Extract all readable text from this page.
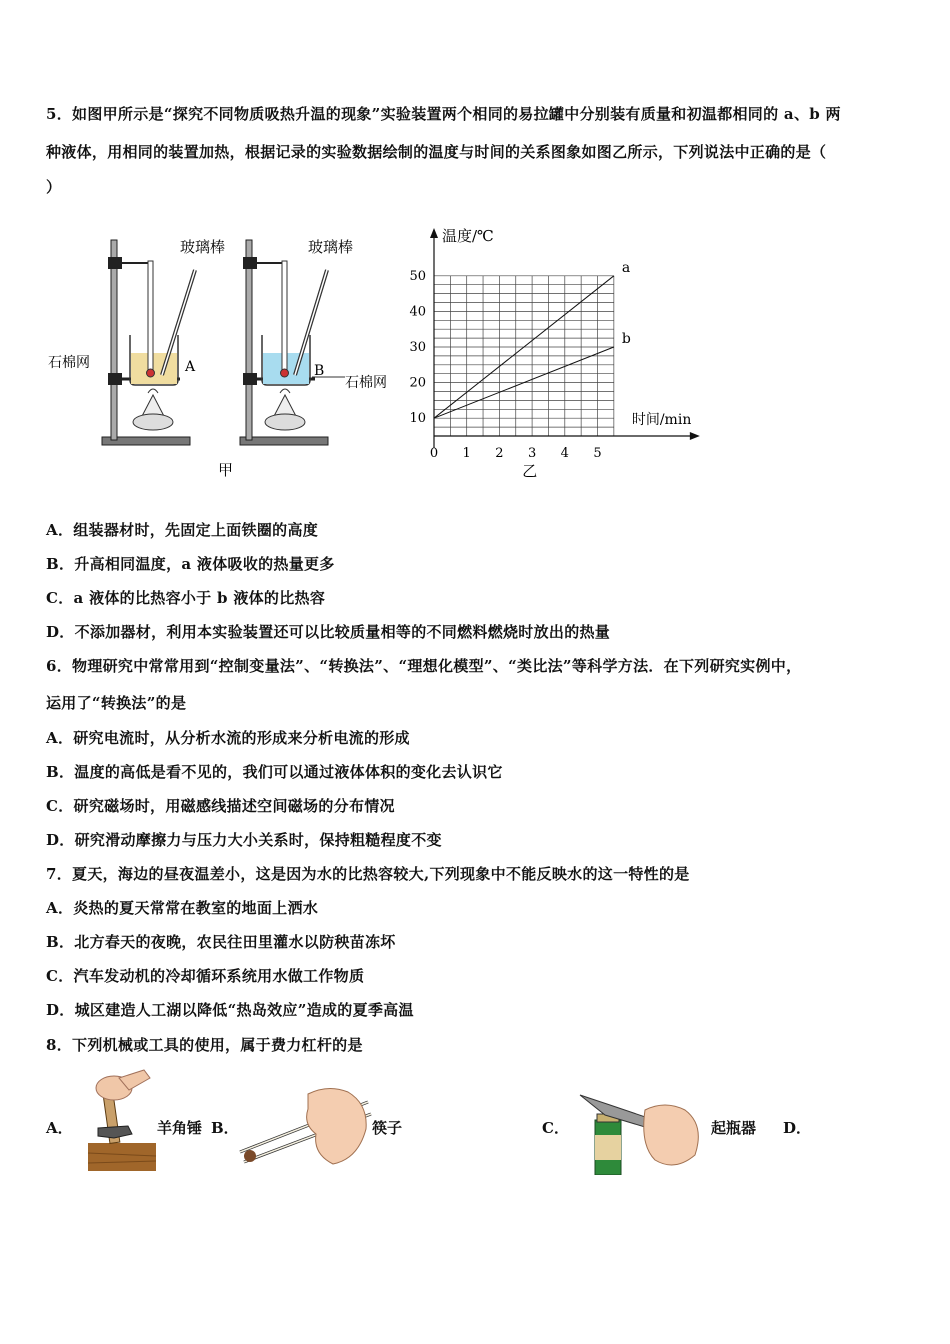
5．如图甲所示是“探究不同物质吸热升温的现象”实验装置两个相同的易拉罐中分别装有质量和初温都相同的 a、b 两
种液体，用相同的装置加热，根据记录的实验数据绘制的温度与时间的关系图象如图乙所示，下列说法中正确的是（
）
玻璃棒
石棉网	A
玻璃棒
B
石棉网
甲
10
20
30
40
50
0 1 2 3 4 5
温度/℃
时间/min
乙
a
b
A．组装器材时，先固定上面铁圈的高度
B．升高相同温度，a 液体吸收的热量更多
C．a 液体的比热容小于 b 液体的比热容
D．不添加器材，利用本实验装置还可以比较质量相等的不同燃料燃烧时放出的热量
6．物理研究中常常用到“控制变量法”、“转换法”、“理想化模型”、“类比法”等科学方法．在下列研究实例中，
运用了“转换法”的是
A．研究电流时，从分析水流的形成来分析电流的形成
B．温度的高低是看不见的，我们可以通过液体体积的变化去认识它
C．研究磁场时，用磁感线描述空间磁场的分布情况
D．研究滑动摩擦力与压力大小关系时，保持粗糙程度不变
7．夏天，海边的昼夜温差小，这是因为水的比热容较大,下列现象中不能反映水的这一特性的是
A．炎热的夏天常常在教室的地面上洒水
B．北方春天的夜晚，农民往田里灌水以防秧苗冻坏
C．汽车发动机的冷却循环系统用水做工作物质
D．城区建造人工湖以降低“热岛效应”造成的夏季高温
8．下列机械或工具的使用，属于费力杠杆的是
A．	羊角锤 B．	筷子	C．	起瓶器 D．
